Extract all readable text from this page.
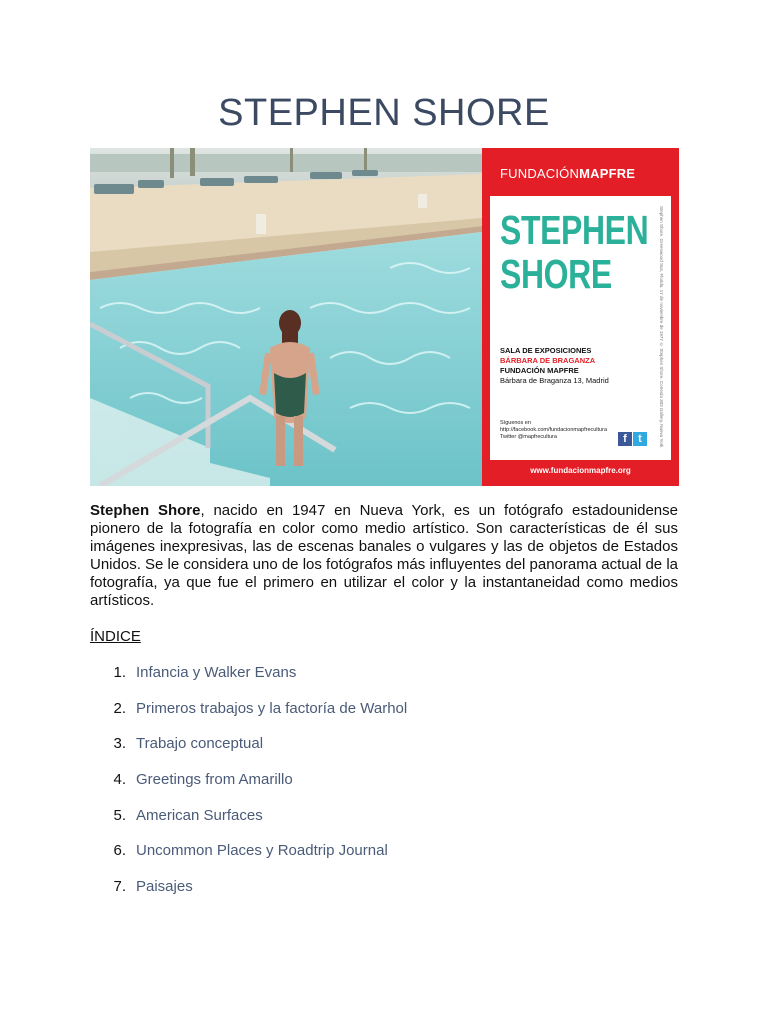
STEPHEN SHORE
FUNDACIÓNMAPFRE
STEPHEN
SHORE
SALA DE EXPOSICIONES
BÁRBARA DE BRAGANZA
FUNDACIÓN MAPFRE
Bárbara de Braganza 13, Madrid
Síguenos en
http://facebook.com/fundacionmapfrecultura
Twitter @mapfrecultura	f	t	Stephen Shore. Greenwood Sun, Florida. 17 de noviembre de 1977 © Stephen Shore. Cortesía 303 Gallery, Nueva York
www.fundacionmapfre.org

Stephen Shore, nacido en 1947 en Nueva York, es un fotógrafo estadounidense pionero de la fotografía en color como medio artístico. Son características de él sus imágenes inexpresivas, las de escenas banales o vulgares y las de objetos de Estados Unidos. Se le considera uno de los fotógrafos más influyentes del panorama actual de la fotografía, ya que fue el primero en utilizar el color y la instantaneidad como medios artísticos.

ÍNDICE
1. Infancia y Walker Evans
2. Primeros trabajos y la factoría de Warhol
3. Trabajo conceptual
4. Greetings from Amarillo
5. American Surfaces
6. Uncommon Places y Roadtrip Journal
7. Paisajes
